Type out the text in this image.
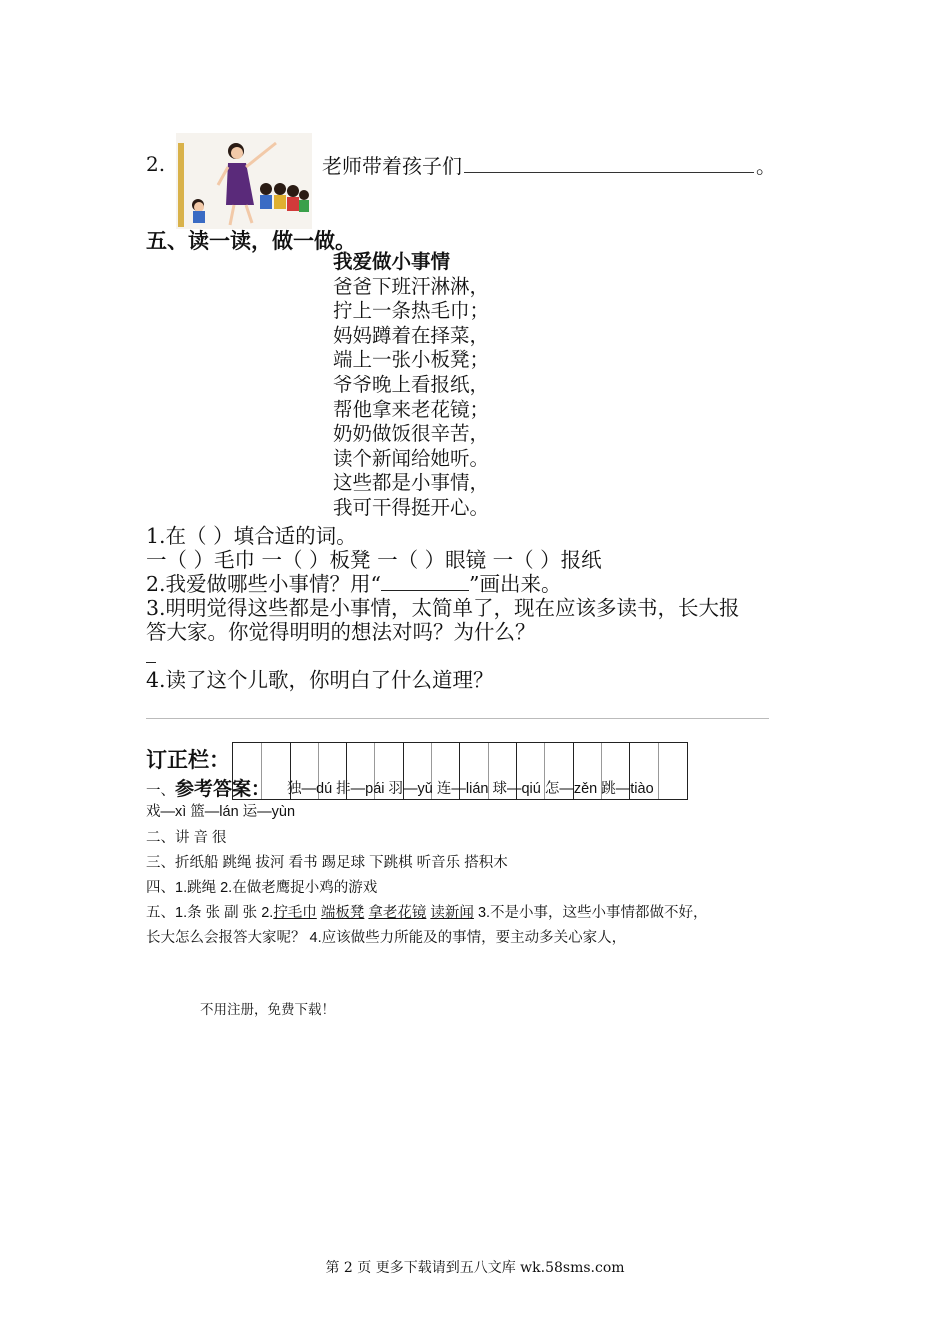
2.	老师带着孩子们	。
五、读一读，做一做。
我爱做小事情
爸爸下班汗淋淋，
拧上一条热毛巾；
妈妈蹲着在择菜，
端上一张小板凳；
爷爷晚上看报纸，
帮他拿来老花镜；
奶奶做饭很辛苦，
读个新闻给她听。
这些都是小事情，
我可干得挺开心。
1.在（ ）填合适的词。
一（ ）毛巾 一（ ）板凳 一（ ）眼镜 一（ ）报纸
2.我爱做哪些小事情？用“	”画出来。
3.明明觉得这些都是小事情，太简单了，现在应该多读书，长大报
答大家。你觉得明明的想法对吗？为什么？
4.读了这个儿歌，你明白了什么道理？
订正栏：
一、参考答案： 独—dú 排—pái 羽—yǔ 连—lián 球—qiú 怎—zěn 跳—tiào
戏—xì 篮—lán 运—yùn
二、讲 音 很
三、折纸船 跳绳 拔河 看书 踢足球 下跳棋 听音乐 搭积木
四、1.跳绳 2.在做老鹰捉小鸡的游戏
五、1.条 张 副 张 2.拧毛巾 端板凳 拿老花镜 读新闻 3.不是小事，这些小事情都做不好，
长大怎么会报答大家呢？ 4.应该做些力所能及的事情，要主动多关心家人，
不用注册，免费下载！
第 2 页 更多下载请到五八文库 wk.58sms.com
